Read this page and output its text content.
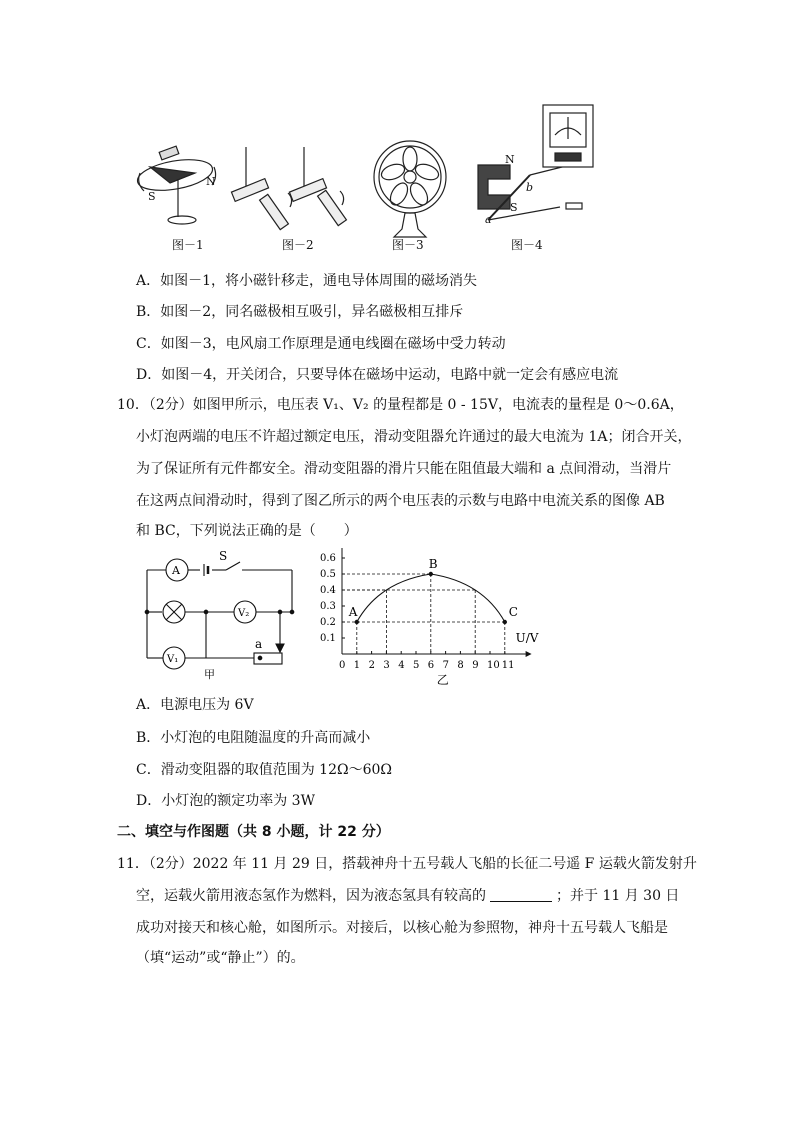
S
N
N
S
a
b
图－1	图－2	图－3	图－4
A．如图－1，将小磁针移走，通电导体周围的磁场消失
B．如图－2，同名磁极相互吸引，异名磁极相互排斥
C．如图－3，电风扇工作原理是通电线圈在磁场中受力转动
D．如图－4，开关闭合，只要导体在磁场中运动，电路中就一定会有感应电流
10．（2分）如图甲所示，电压表 V₁、V₂ 的量程都是 0 - 15V，电流表的量程是 0～0.6A，
小灯泡两端的电压不许超过额定电压，滑动变阻器允许通过的最大电流为 1A；闭合开关，
为了保证所有元件都安全。滑动变阻器的滑片只能在阻值最大端和 a 点间滑动，当滑片
在这两点间滑动时，得到了图乙所示的两个电压表的示数与电路中电流关系的图像 AB
和 BC，下列说法正确的是（　　）
A
S
V₂
V₁
a
甲
U/V
0 1 2 3 4 5 6 7 8 9 10 11
0.1
0.2
0.3
0.4
0.5
0.6
A
B
C
乙
A．电源电压为 6V
B．小灯泡的电阻随温度的升高而减小
C．滑动变阻器的取值范围为 12Ω～60Ω
D．小灯泡的额定功率为 3W
二、填空与作图题（共 8 小题，计 22 分）
11．（2分）2022 年 11 月 29 日，搭载神舟十五号载人飞船的长征二号遥 F 运载火箭发射升
空，运载火箭用液态氢作为燃料，因为液态氢具有较高的	；并于 11 月 30 日
成功对接天和核心舱，如图所示。对接后，以核心舱为参照物，神舟十五号载人飞船是
（填“运动”或“静止”）的。
